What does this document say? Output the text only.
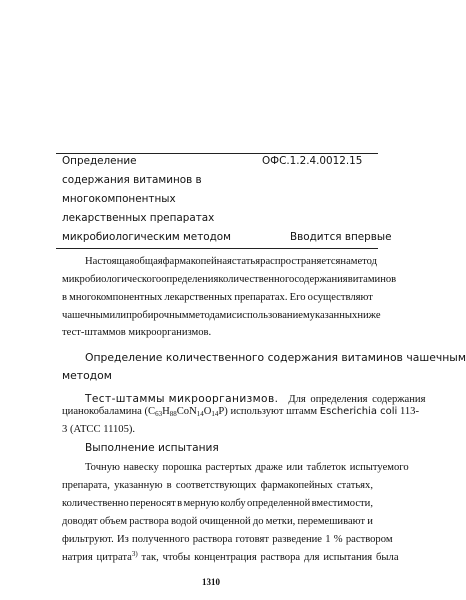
Определение
содержания витаминов в
многокомпонентных
лекарственных препаратах
микробиологическим методом
ОФС.1.2.4.0012.15
Вводится впервые
Настоящая общая фармакопейная статья распространяется на метод
микробиологического определения количественного содержания витаминов
в многокомпонентных лекарственных препаратах. Его осуществляют
чашечным или пробирочным методами с использованием указанных ниже
тест-штаммов микроорганизмов.
Определение количественного содержания витаминов чашечным
методом
Тест-штаммы микроорганизмов. Для определения содержания
цианокобаламина $(C_{63}H_{88}CoN_{14}O_{14}P)$ используют штамм Escherichia coli 113-
3 (ATCC 11105).
Выполнение испытания
Точную навеску порошка растертых драже или таблеток испытуемого
препарата, указанную в соответствующих фармакопейных статьях,
количественно переносят в мерную колбу определенной вместимости,
доводят объем раствора водой очищенной до метки, перемешивают и
фильтруют. Из полученного раствора готовят разведение 1 % раствором
натрия цитрата$^{3)}$ так, чтобы концентрация раствора для испытания была
1310
